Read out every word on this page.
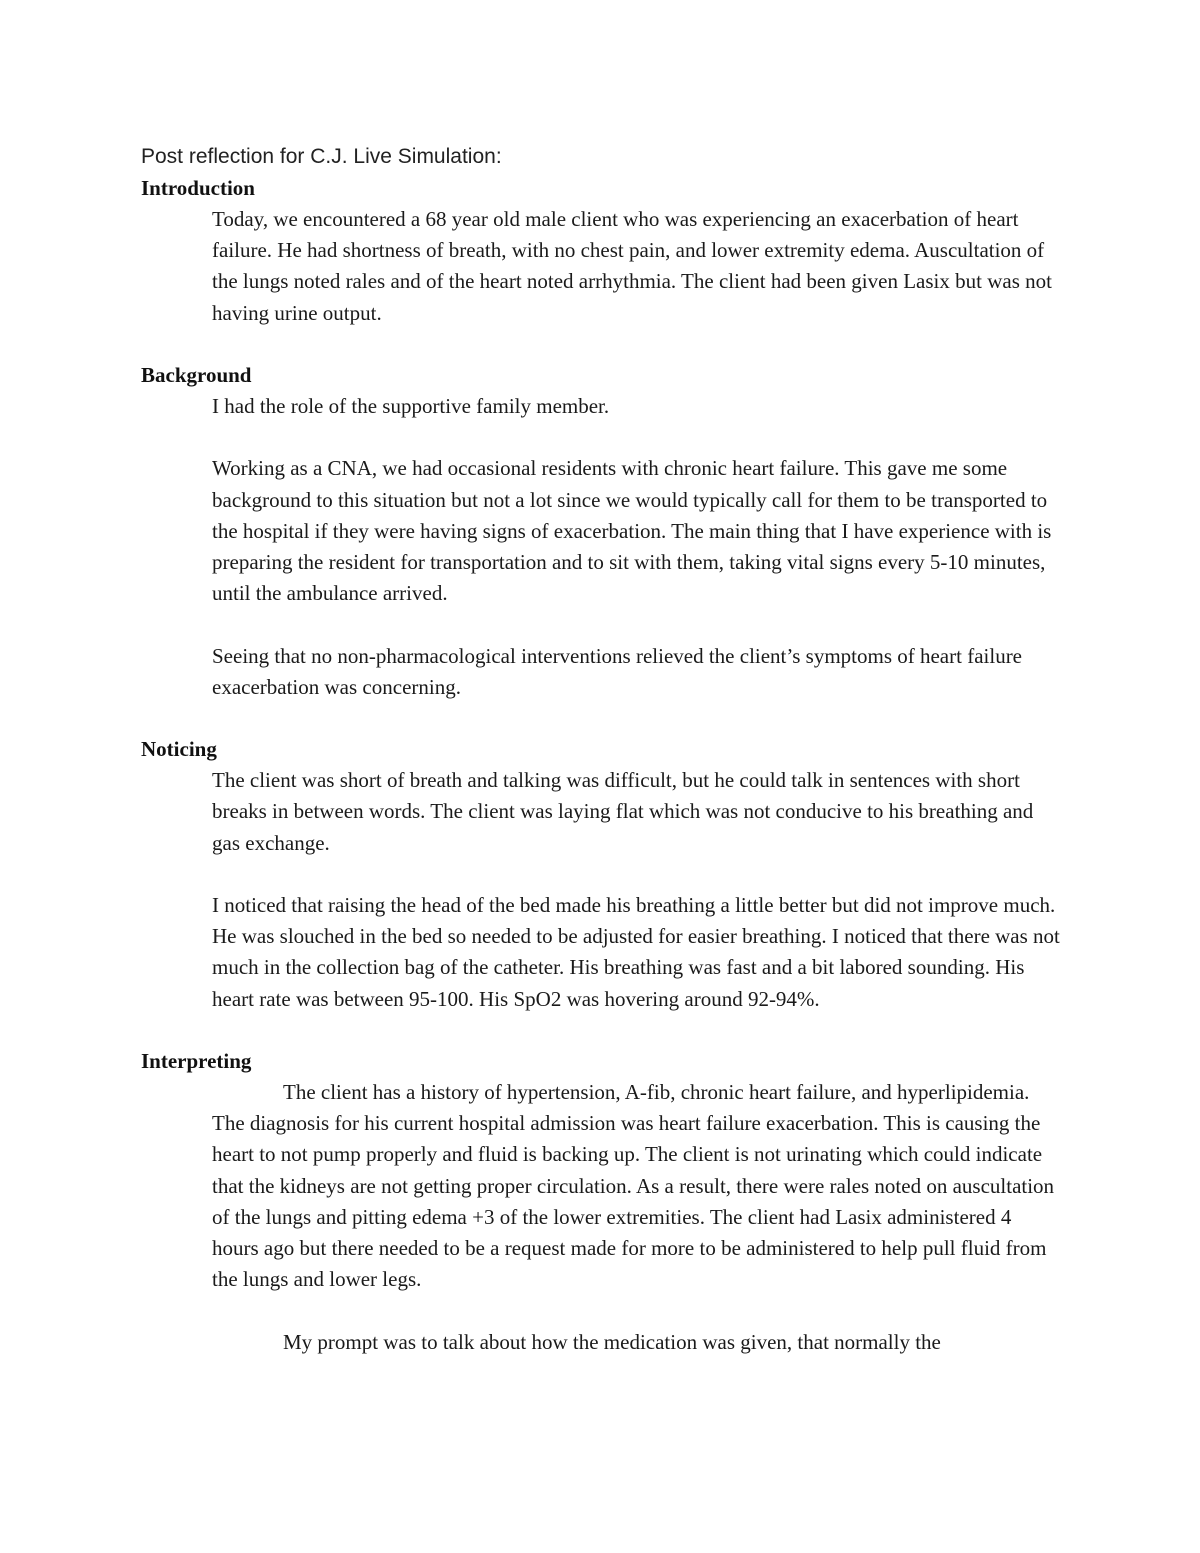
Post reflection for C.J. Live Simulation:

Introduction

Today, we encountered a 68 year old male client who was experiencing an exacerbation of heart failure. He had shortness of breath, with no chest pain, and lower extremity edema. Auscultation of the lungs noted rales and of the heart noted arrhythmia. The client had been given Lasix but was not having urine output.

Background

I had the role of the supportive family member.

Working as a CNA, we had occasional residents with chronic heart failure. This gave me some background to this situation but not a lot since we would typically call for them to be transported to the hospital if they were having signs of exacerbation. The main thing that I have experience with is preparing the resident for transportation and to sit with them, taking vital signs every 5-10 minutes, until the ambulance arrived.

Seeing that no non-pharmacological interventions relieved the client’s symptoms of heart failure exacerbation was concerning.

Noticing

The client was short of breath and talking was difficult, but he could talk in sentences with short breaks in between words. The client was laying flat which was not conducive to his breathing and gas exchange.

I noticed that raising the head of the bed made his breathing a little better but did not improve much. He was slouched in the bed so needed to be adjusted for easier breathing. I noticed that there was not much in the collection bag of the catheter. His breathing was fast and a bit labored sounding. His heart rate was between 95-100. His SpO2 was hovering around 92-94%.

Interpreting

The client has a history of hypertension, A-fib, chronic heart failure, and hyperlipidemia. The diagnosis for his current hospital admission was heart failure exacerbation. This is causing the heart to not pump properly and fluid is backing up. The client is not urinating which could indicate that the kidneys are not getting proper circulation. As a result, there were rales noted on auscultation of the lungs and pitting edema +3 of the lower extremities. The client had Lasix administered 4 hours ago but there needed to be a request made for more to be administered to help pull fluid from the lungs and lower legs.

My prompt was to talk about how the medication was given, that normally the
